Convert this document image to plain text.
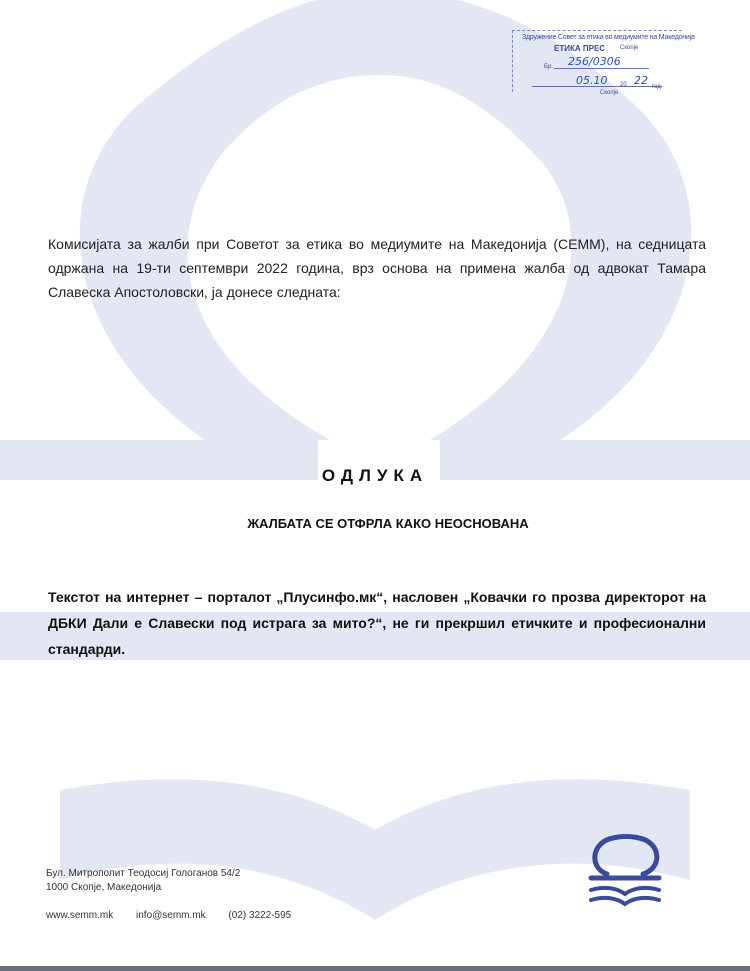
Здружение Совет за етика во медиумите на Македонија
ЕТИКА ПРЕС Скопје
256/0306
Бр.
05.10 22
20	год.
Скопје

Комисијата за жалби при Советот за етика во медиумите на Македонија (СЕММ), на седницата одржана на 19-ти септември 2022 година, врз основа на примена жалба од адвокат Тамара Славеска Апостоловски, ја донесе следната:

ОДЛУКА
ЖАЛБАТА СЕ ОТФРЛА КАКО НЕОСНОВАНА

Текстот на интернет – порталот „Плусинфо.мк“, насловен „Ковачки го прозва директорот на ДБКИ Дали е Славески под истрага за мито?“, не ги прекршил етичките и професионални стандарди.

Бул. Митрополит Теодосиј Гологанов 54/2
1000 Скопје, Македонија
www.semm.mk info@semm.mk (02) 3222-595
